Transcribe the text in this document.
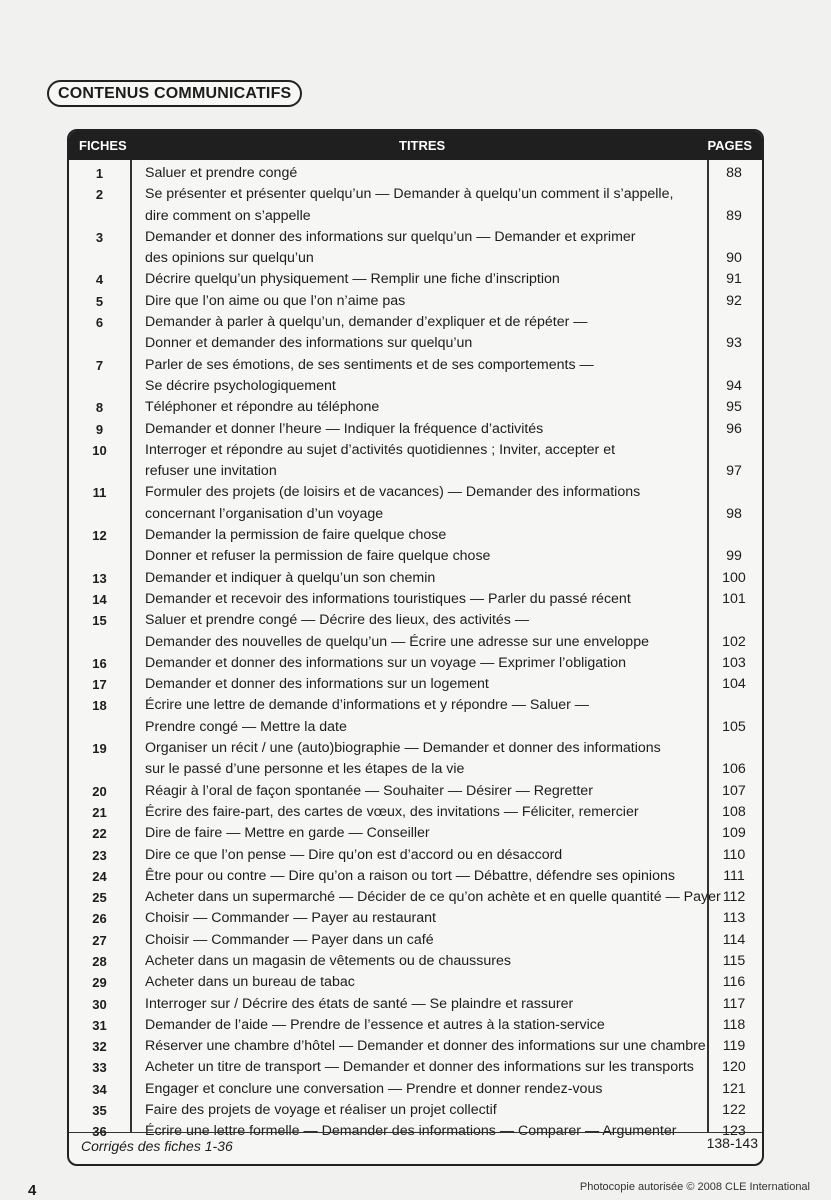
CONTENUS COMMUNICATIFS
FICHES	TITRES	PAGES
1	Saluer et prendre congé	88
2	Se présenter et présenter quelqu’un — Demander à quelqu’un comment il s’appelle,
dire comment on s’appelle	89
3	Demander et donner des informations sur quelqu’un — Demander et exprimer
des opinions sur quelqu’un	90
4	Décrire quelqu’un physiquement — Remplir une fiche d’inscription	91
5	Dire que l’on aime ou que l’on n’aime pas	92
6	Demander à parler à quelqu’un, demander d’expliquer et de répéter —
Donner et demander des informations sur quelqu’un	93
7	Parler de ses émotions, de ses sentiments et de ses comportements —
Se décrire psychologiquement	94
8	Téléphoner et répondre au téléphone	95
9	Demander et donner l’heure — Indiquer la fréquence d’activités	96
10	Interroger et répondre au sujet d’activités quotidiennes ; Inviter, accepter et
refuser une invitation	97
11	Formuler des projets (de loisirs et de vacances) — Demander des informations
concernant l’organisation d’un voyage	98
12	Demander la permission de faire quelque chose
Donner et refuser la permission de faire quelque chose	99
13	Demander et indiquer à quelqu’un son chemin	100
14	Demander et recevoir des informations touristiques — Parler du passé récent	101
15	Saluer et prendre congé — Décrire des lieux, des activités —
Demander des nouvelles de quelqu’un — Écrire une adresse sur une enveloppe	102
16	Demander et donner des informations sur un voyage — Exprimer l’obligation	103
17	Demander et donner des informations sur un logement	104
18	Écrire une lettre de demande d’informations et y répondre — Saluer —
Prendre congé — Mettre la date	105
19	Organiser un récit / une (auto)biographie — Demander et donner des informations
sur le passé d’une personne et les étapes de la vie	106
20	Réagir à l’oral de façon spontanée — Souhaiter — Désirer — Regretter	107
21	Écrire des faire-part, des cartes de vœux, des invitations — Féliciter, remercier	108
22	Dire de faire — Mettre en garde — Conseiller	109
23	Dire ce que l’on pense — Dire qu’on est d’accord ou en désaccord	110
24	Être pour ou contre — Dire qu’on a raison ou tort — Débattre, défendre ses opinions	111
25	Acheter dans un supermarché — Décider de ce qu’on achète et en quelle quantité — Payer 112
26	Choisir — Commander — Payer au restaurant	113
27	Choisir — Commander — Payer dans un café	114
28	Acheter dans un magasin de vêtements ou de chaussures	115
29	Acheter dans un bureau de tabac	116
30	Interroger sur / Décrire des états de santé — Se plaindre et rassurer	117
31	Demander de l’aide — Prendre de l’essence et autres à la station-service	118
32	Réserver une chambre d’hôtel — Demander et donner des informations sur une chambre	119
33	Acheter un titre de transport — Demander et donner des informations sur les transports	120
34	Engager et conclure une conversation — Prendre et donner rendez-vous	121
35	Faire des projets de voyage et réaliser un projet collectif	122
36	Écrire une lettre formelle — Demander des informations — Comparer — Argumenter	123
Corrigés des fiches 1-36	138-143
4	Photocopie autorisée © 2008 CLE International
